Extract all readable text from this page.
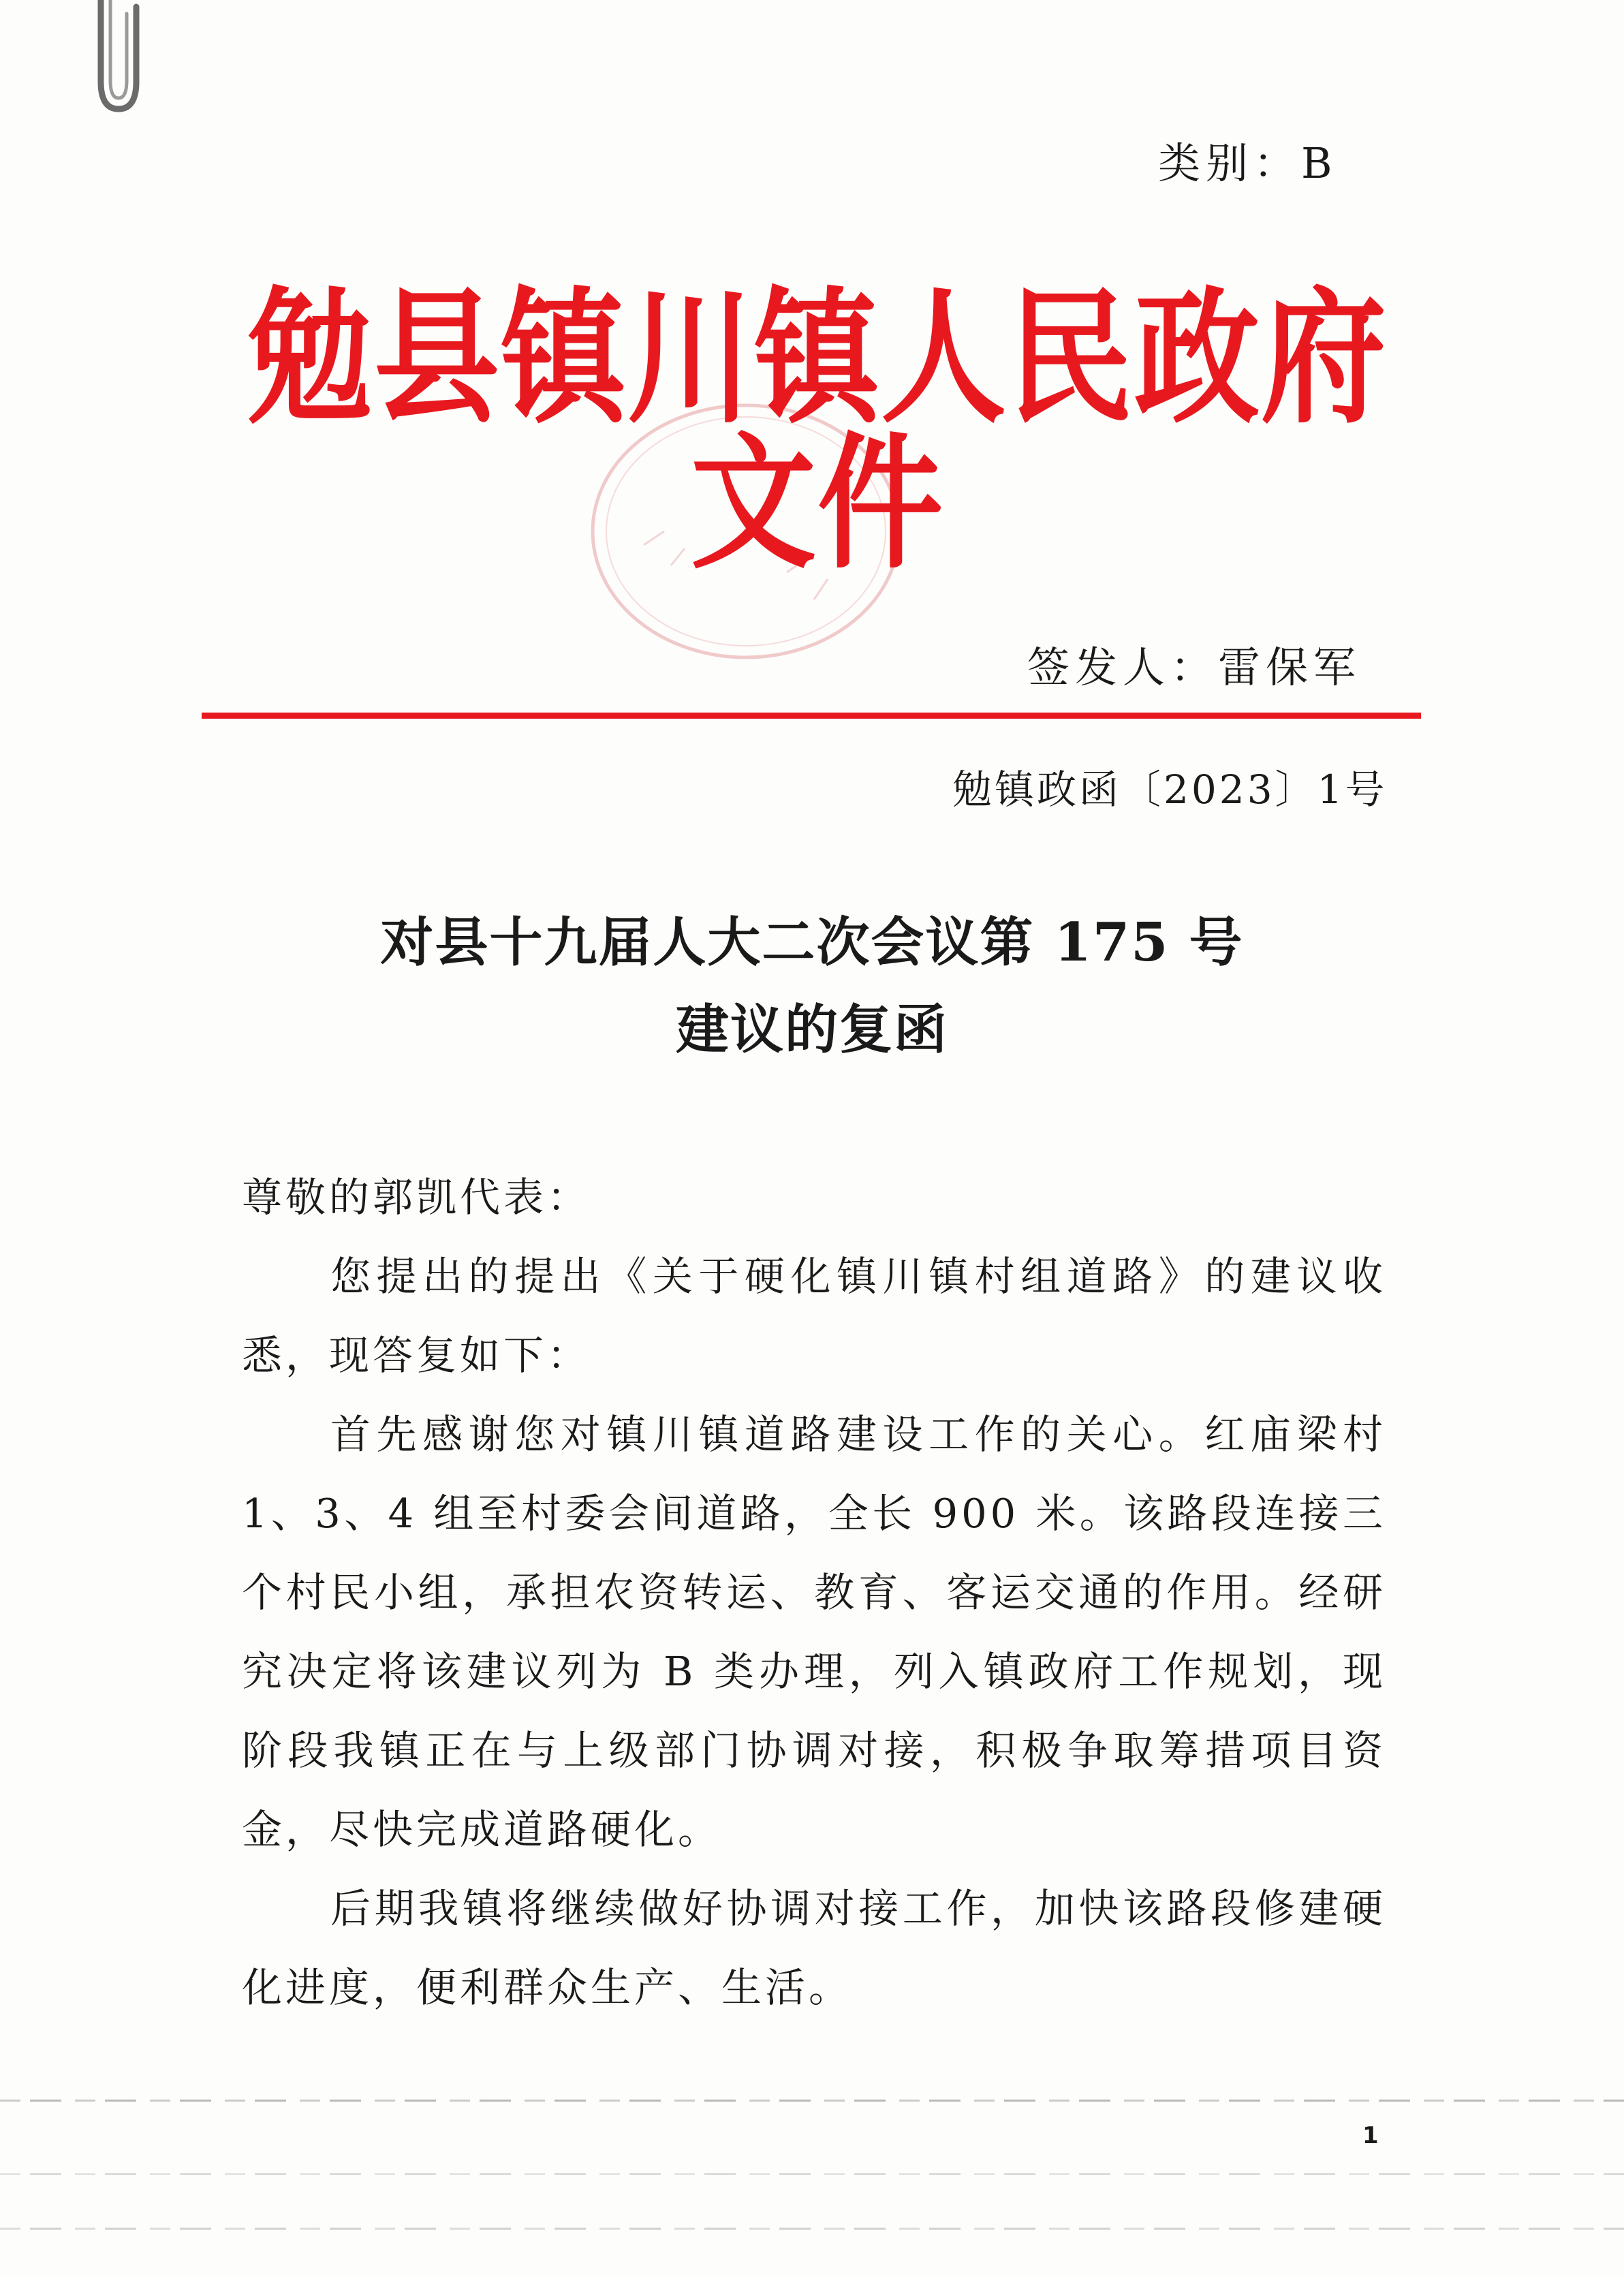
类别：B
勉县镇川镇人民政府文件
签发人：雷保军
勉镇政函〔2023〕1号
对县十九届人大二次会议第 175 号
建议的复函

尊敬的郭凯代表：

您提出的提出《关于硬化镇川镇村组道路》的建议收悉，现答复如下：

首先感谢您对镇川镇道路建设工作的关心。红庙梁村 1、3、4 组至村委会间道路，全长 900 米。该路段连接三个村民小组，承担农资转运、教育、客运交通的作用。经研究决定将该建议列为 B 类办理，列入镇政府工作规划，现阶段我镇正在与上级部门协调对接，积极争取筹措项目资金，尽快完成道路硬化。

后期我镇将继续做好协调对接工作，加快该路段修建硬化进度，便利群众生产、生活。

1
